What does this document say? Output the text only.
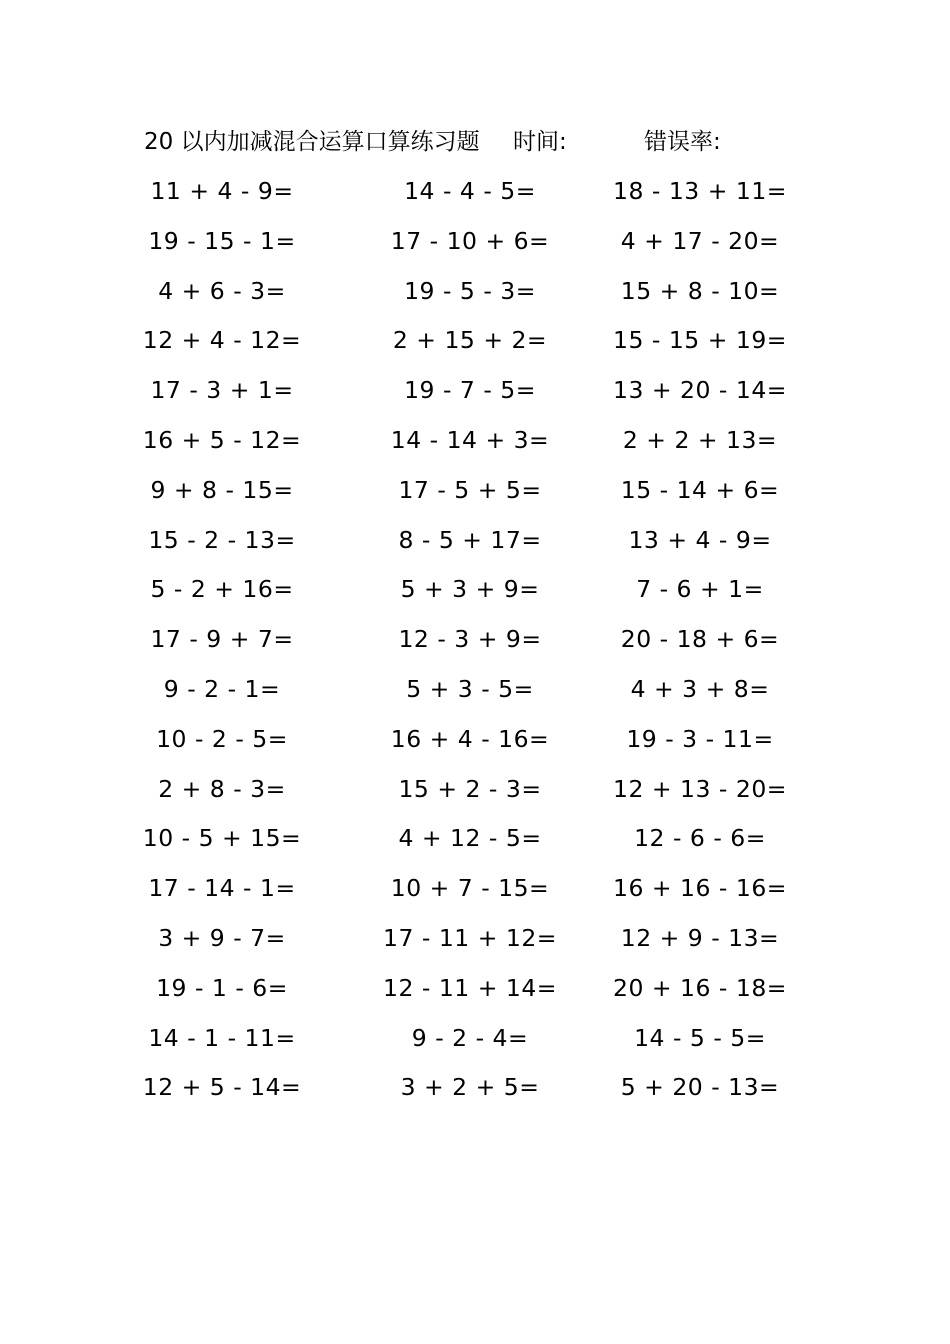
20 以内加减混合运算口算练习题 时间:	错误率:
11 + 4 - 9=	14 - 4 - 5=	18 - 13 + 11=
19 - 15 - 1=	17 - 10 + 6=	4 + 17 - 20=
4 + 6 - 3=	19 - 5 - 3=	15 + 8 - 10=
12 + 4 - 12=	2 + 15 + 2=	15 - 15 + 19=
17 - 3 + 1=	19 - 7 - 5=	13 + 20 - 14=
16 + 5 - 12=	14 - 14 + 3=	2 + 2 + 13=
9 + 8 - 15=	17 - 5 + 5=	15 - 14 + 6=
15 - 2 - 13=	8 - 5 + 17=	13 + 4 - 9=
5 - 2 + 16=	5 + 3 + 9=	7 - 6 + 1=
17 - 9 + 7=	12 - 3 + 9=	20 - 18 + 6=
9 - 2 - 1=	5 + 3 - 5=	4 + 3 + 8=
10 - 2 - 5=	16 + 4 - 16=	19 - 3 - 11=
2 + 8 - 3=	15 + 2 - 3=	12 + 13 - 20=
10 - 5 + 15=	4 + 12 - 5=	12 - 6 - 6=
17 - 14 - 1=	10 + 7 - 15=	16 + 16 - 16=
3 + 9 - 7=	17 - 11 + 12=	12 + 9 - 13=
19 - 1 - 6=	12 - 11 + 14=	20 + 16 - 18=
14 - 1 - 11=	9 - 2 - 4=	14 - 5 - 5=
12 + 5 - 14=	3 + 2 + 5=	5 + 20 - 13=
